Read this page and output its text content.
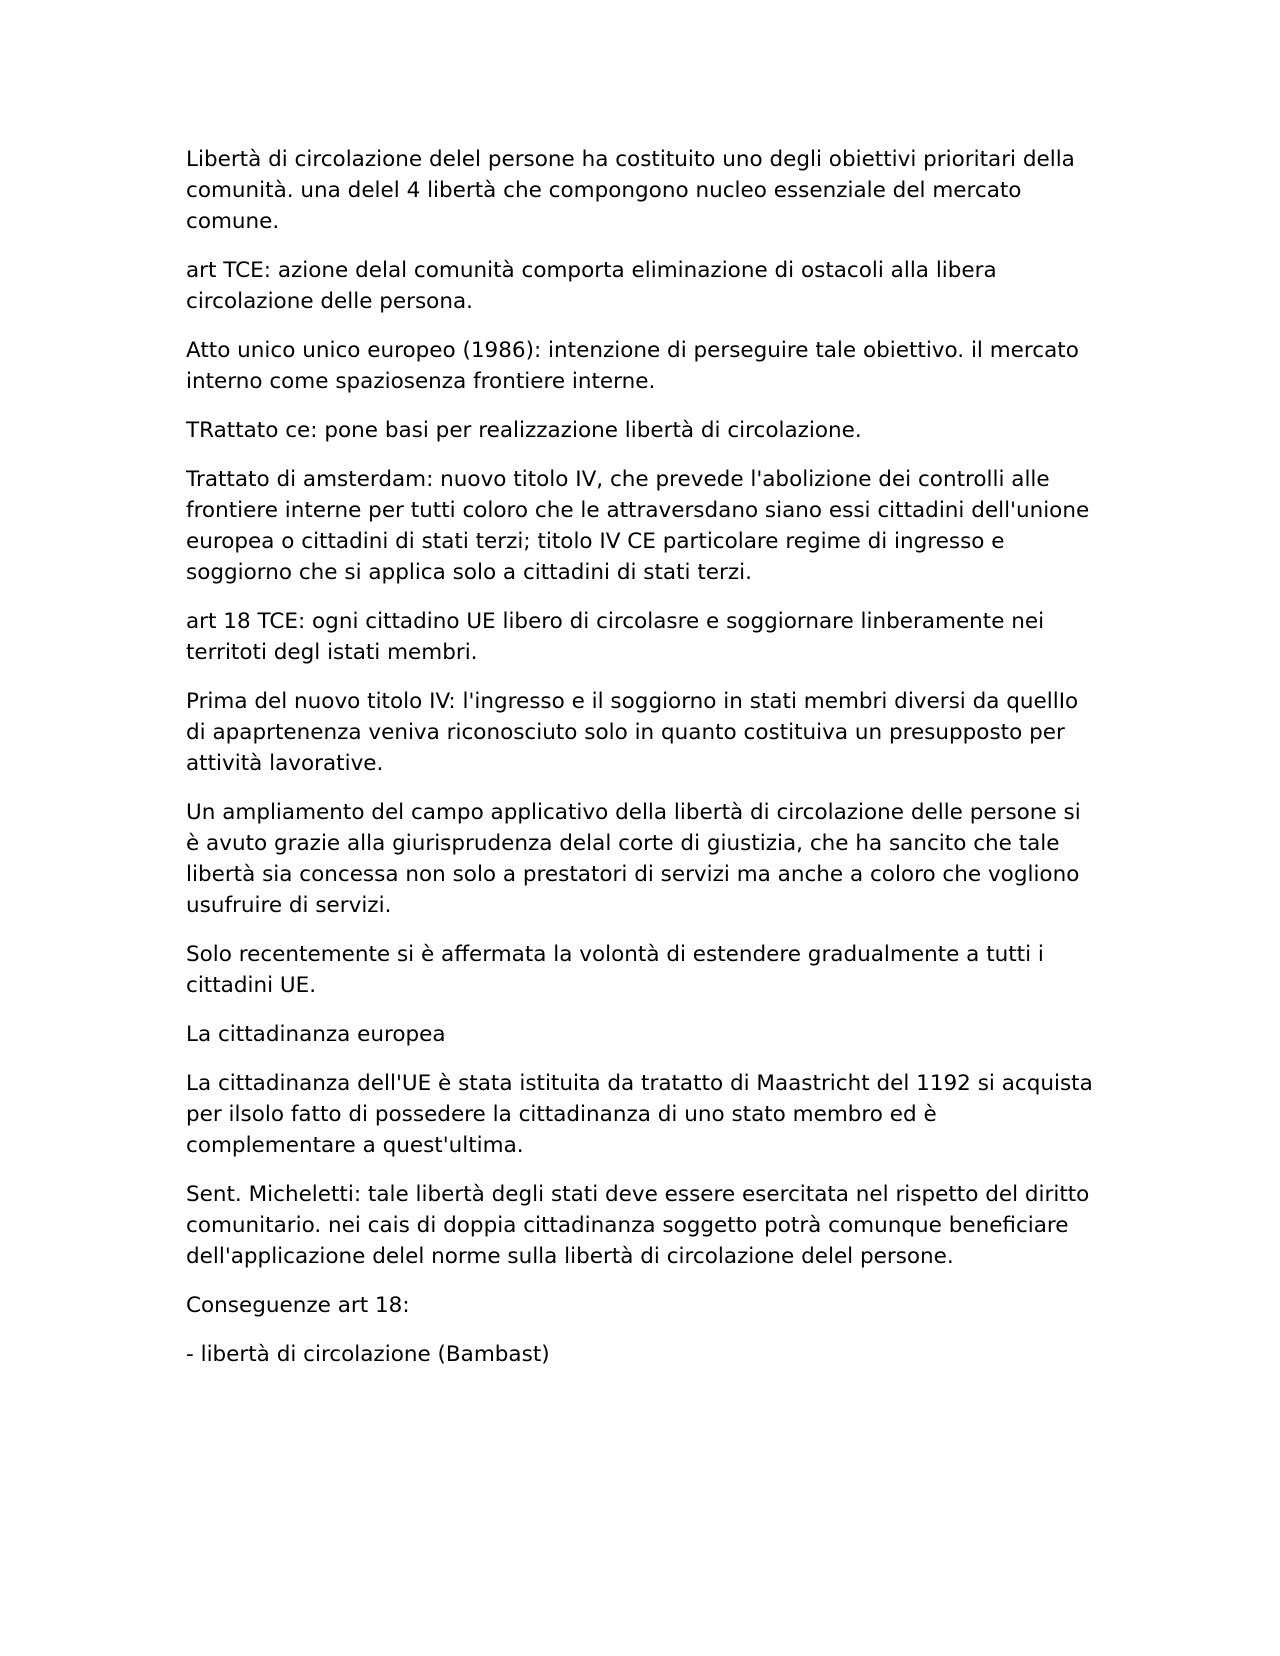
Libertà di circolazione delel persone ha costituito uno degli obiettivi prioritari della comunità. una delel 4 libertà che compongono nucleo essenziale del mercato comune.

art TCE: azione delal comunità comporta eliminazione di ostacoli alla libera circolazione delle persona.

Atto unico unico europeo (1986): intenzione di perseguire tale obiettivo. il mercato interno come spaziosenza frontiere interne.

TRattato ce: pone basi per realizzazione libertà di circolazione.

Trattato di amsterdam: nuovo titolo IV, che prevede l'abolizione dei controlli alle frontiere interne per tutti coloro che le attraversdano siano essi cittadini dell'unione europea o cittadini di stati terzi; titolo IV CE particolare regime di ingresso e soggiorno che si applica solo a cittadini di stati terzi.

art 18 TCE: ogni cittadino UE libero di circolasre e soggiornare linberamente nei territoti degl istati membri.

Prima del nuovo titolo IV: l'ingresso e il soggiorno in stati membri diversi da quellIo di apaprtenenza veniva riconosciuto solo in quanto costituiva un presupposto per attività lavorative.

Un ampliamento del campo applicativo della libertà di circolazione delle persone si è avuto grazie alla giurisprudenza delal corte di giustizia, che ha sancito che tale libertà sia concessa non solo a prestatori di servizi ma anche a coloro che vogliono usufruire di servizi.

Solo recentemente si è affermata la volontà di estendere gradualmente a tutti i cittadini UE.

La cittadinanza europea

La cittadinanza dell'UE è stata istituita da tratatto di Maastricht del 1192 si acquista per ilsolo fatto di possedere la cittadinanza di uno stato membro ed è complementare a quest'ultima.

Sent. Micheletti: tale libertà degli stati deve essere esercitata nel rispetto del diritto comunitario. nei cais di doppia cittadinanza soggetto potrà comunque beneficiare dell'applicazione delel norme sulla libertà di circolazione delel persone.

Conseguenze art 18:

- libertà di circolazione (Bambast)
